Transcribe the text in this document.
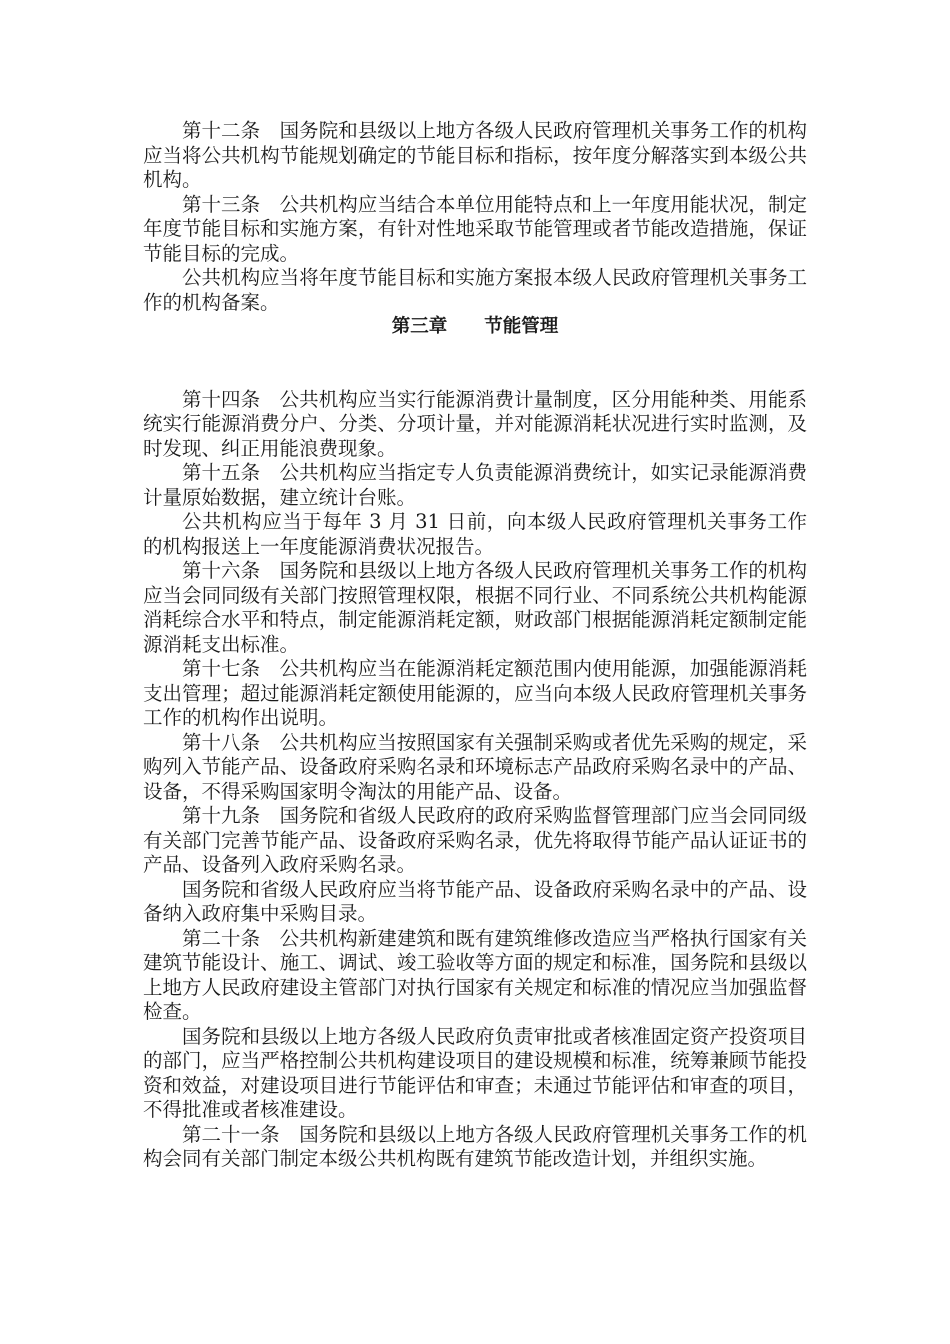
第十二条　 国务院和县级以上地方各级人民政府管理机关事务工作的机构应当将公共机构节能规划确定的节能目标和指标，按年度分解落实到本级公共机构。

第十三条　 公共机构应当结合本单位用能特点和上一年度用能状况，制定年度节能目标和实施方案，有针对性地采取节能管理或者节能改造措施，保证节能目标的完成。

公共机构应当将年度节能目标和实施方案报本级人民政府管理机关事务工作的机构备案。

第三章　　 节能管理

第十四条　 公共机构应当实行能源消费计量制度，区分用能种类、用能系统实行能源消费分户、分类、分项计量，并对能源消耗状况进行实时监测，及时发现、纠正用能浪费现象。

第十五条　 公共机构应当指定专人负责能源消费统计，如实记录能源消费计量原始数据，建立统计台账。

公共机构应当于每年 3 月 31 日前，向本级人民政府管理机关事务工作的机构报送上一年度能源消费状况报告。

第十六条　 国务院和县级以上地方各级人民政府管理机关事务工作的机构应当会同同级有关部门按照管理权限，根据不同行业、不同系统公共机构能源消耗综合水平和特点，制定能源消耗定额，财政部门根据能源消耗定额制定能源消耗支出标准。

第十七条　 公共机构应当在能源消耗定额范围内使用能源，加强能源消耗支出管理；超过能源消耗定额使用能源的，应当向本级人民政府管理机关事务工作的机构作出说明。

第十八条　 公共机构应当按照国家有关强制采购或者优先采购的规定，采购列入节能产品、设备政府采购名录和环境标志产品政府采购名录中的产品、设备，不得采购国家明令淘汰的用能产品、设备。

第十九条　 国务院和省级人民政府的政府采购监督管理部门应当会同同级有关部门完善节能产品、设备政府采购名录，优先将取得节能产品认证证书的产品、设备列入政府采购名录。

国务院和省级人民政府应当将节能产品、设备政府采购名录中的产品、设备纳入政府集中采购目录。

第二十条　 公共机构新建建筑和既有建筑维修改造应当严格执行国家有关建筑节能设计、施工、调试、竣工验收等方面的规定和标准，国务院和县级以上地方人民政府建设主管部门对执行国家有关规定和标准的情况应当加强监督检查。

国务院和县级以上地方各级人民政府负责审批或者核准固定资产投资项目的部门，应当严格控制公共机构建设项目的建设规模和标准，统筹兼顾节能投资和效益，对建设项目进行节能评估和审查；未通过节能评估和审查的项目，不得批准或者核准建设。

第二十一条　 国务院和县级以上地方各级人民政府管理机关事务工作的机构会同有关部门制定本级公共机构既有建筑节能改造计划，并组织实施。
